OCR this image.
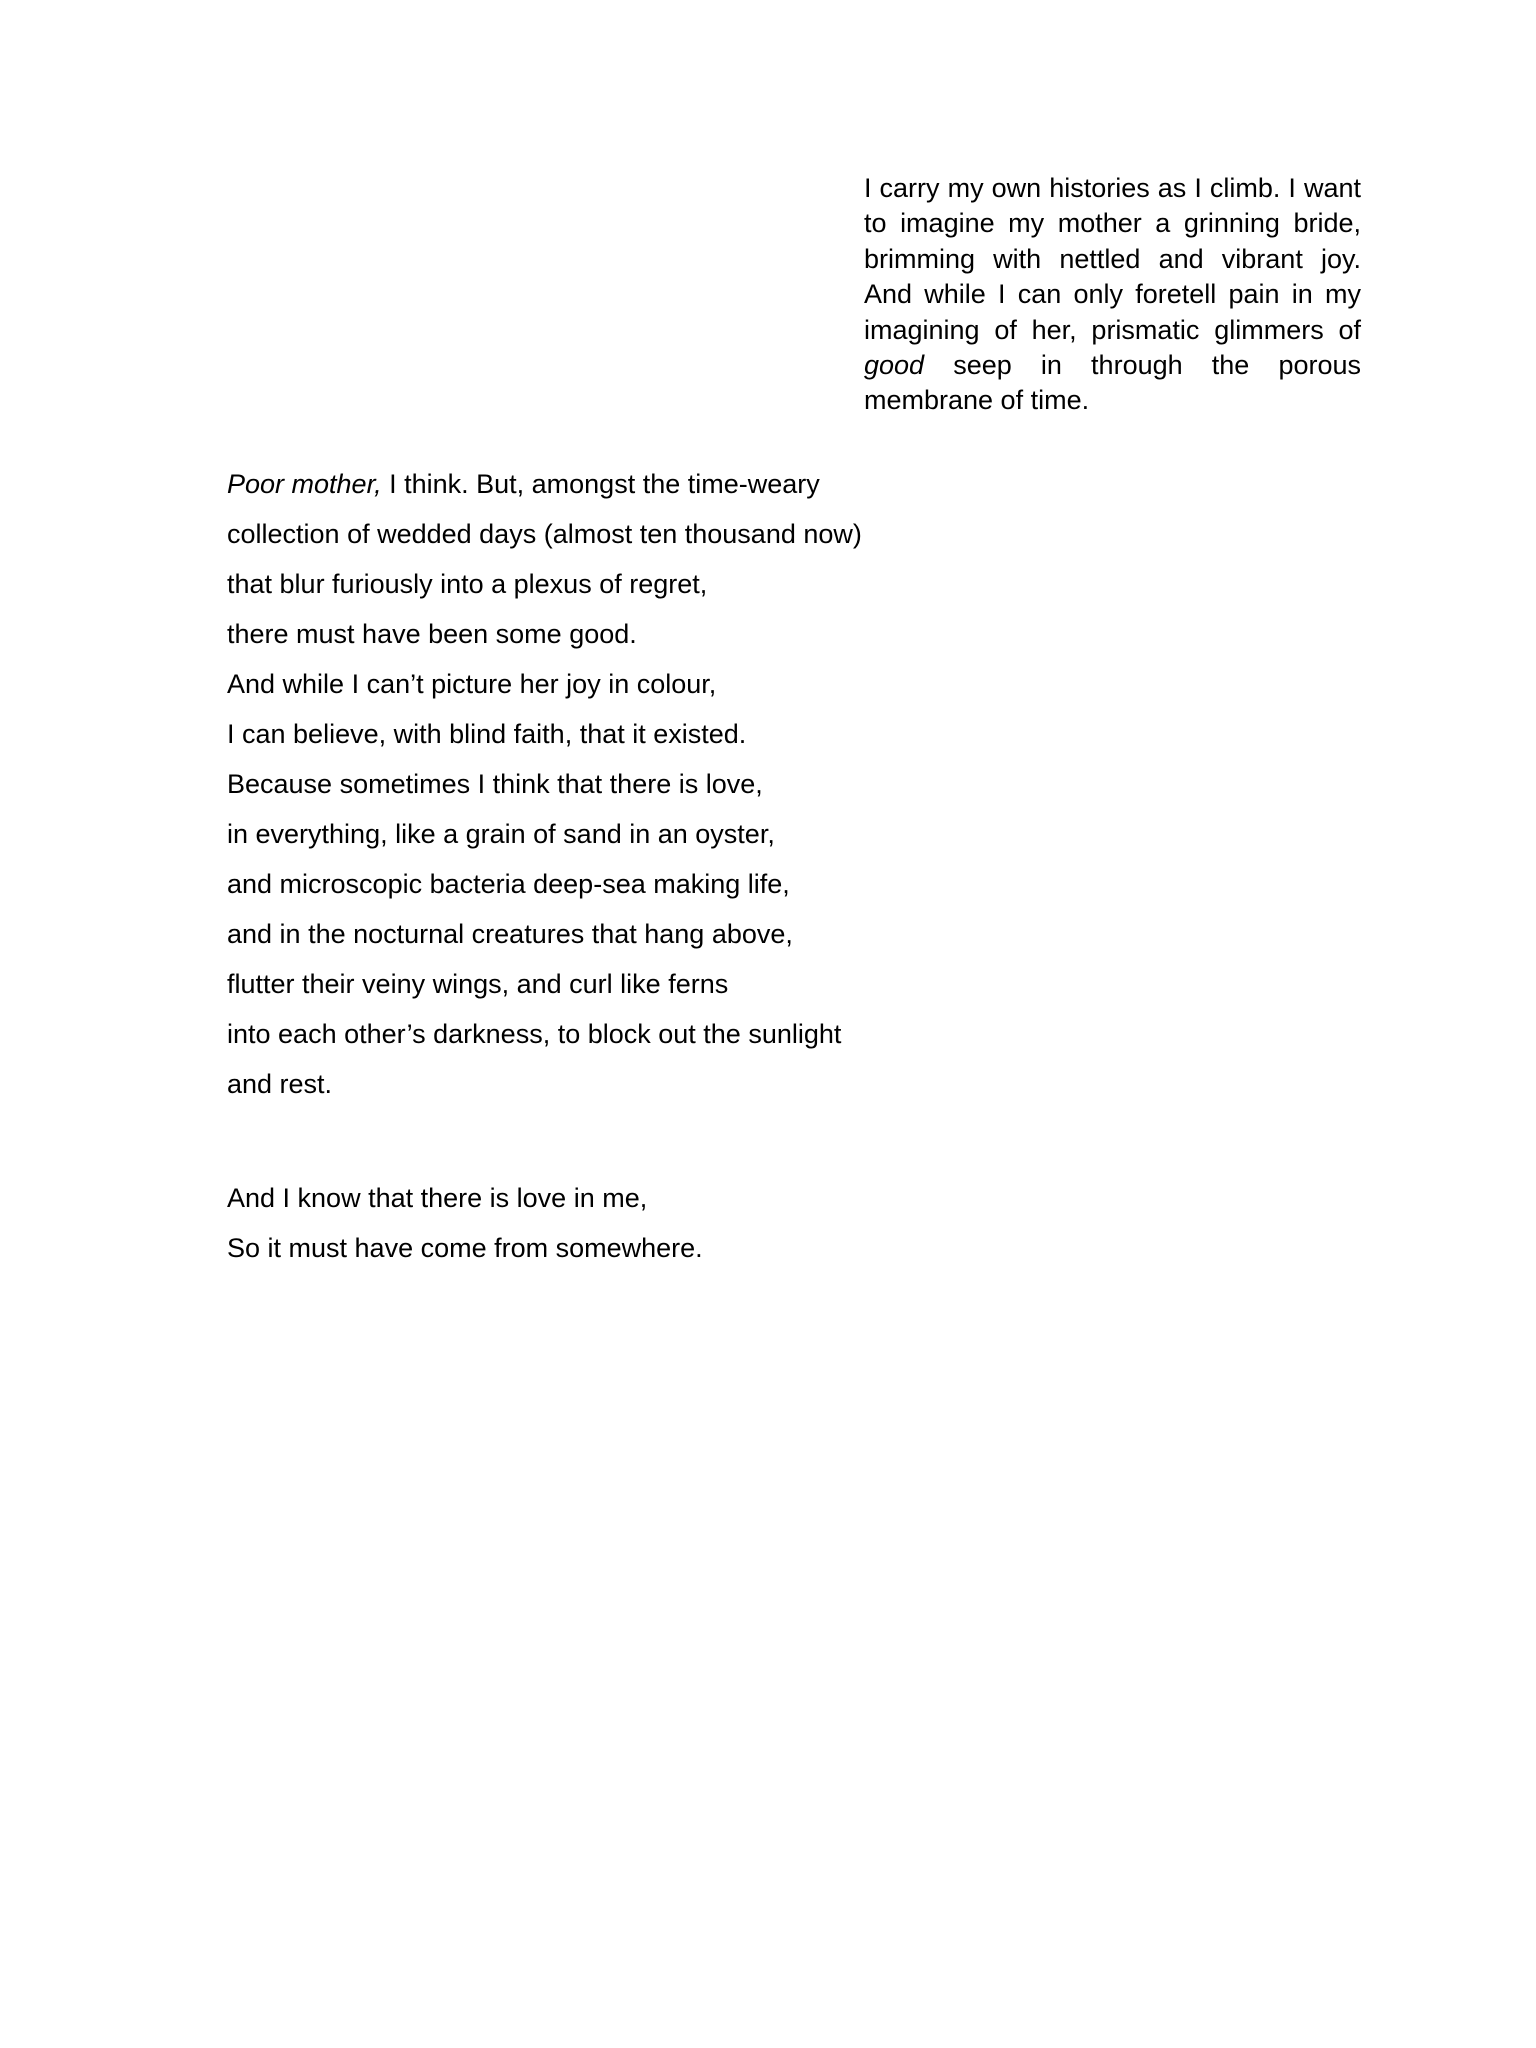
I carry my own histories as I climb. I want to imagine my mother a grinning bride, brimming with nettled and vibrant joy. And while I can only foretell pain in my imagining of her, prismatic glimmers of good seep in through the porous membrane of time.

Poor mother, I think. But, amongst the time-weary
collection of wedded days (almost ten thousand now)
that blur furiously into a plexus of regret,
there must have been some good.
And while I can’t picture her joy in colour,
I can believe, with blind faith, that it existed.
Because sometimes I think that there is love,
in everything, like a grain of sand in an oyster,
and microscopic bacteria deep-sea making life,
and in the nocturnal creatures that hang above,
flutter their veiny wings, and curl like ferns
into each other’s darkness, to block out the sunlight
and rest.
And I know that there is love in me,
So it must have come from somewhere.
